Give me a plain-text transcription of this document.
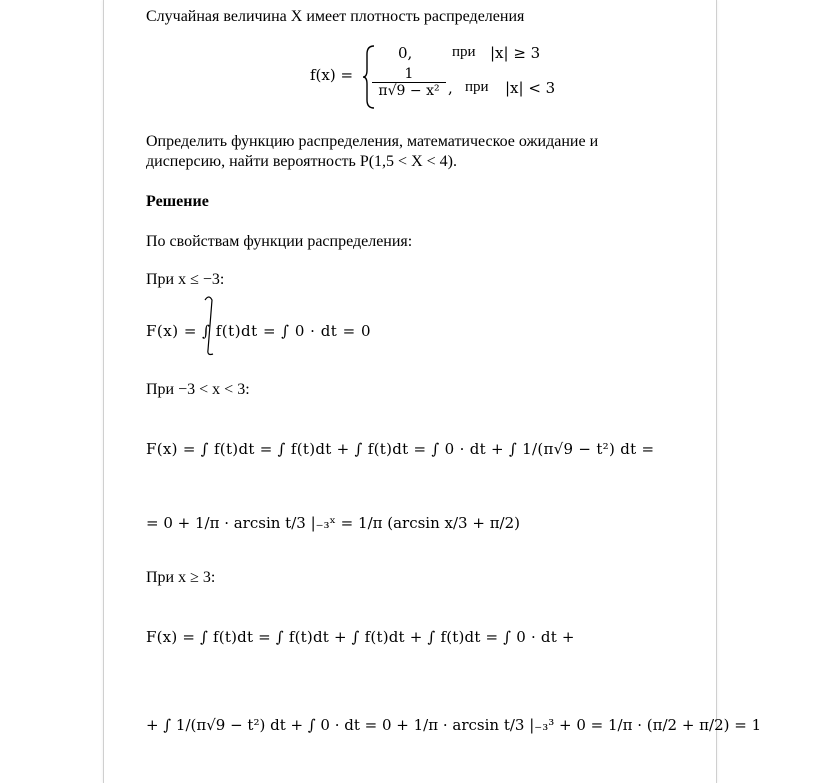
Случайная величина X имеет плотность распределения
f(x) =
0,	при |x| ≥ 3
$\frac{1}{\text{π√9 − x²}}$ , при |x| < 3
Определить функцию распределения, математическое ожидание и
дисперсию, найти вероятность P(1,5 < X < 4).
Решение
По свойствам функции распределения:
При x ≤ −3:
F(x) = ∫ f(t)dt = ∫ 0 · dt = 0
При −3 < x < 3:
F(x) = ∫ f(t)dt = ∫ f(t)dt + ∫ f(t)dt = ∫ 0 · dt + ∫ 1/(π√9 − t²) dt =
= 0 + 1/π · arcsin t/3 |₋₃ˣ = 1/π (arcsin x/3 + π/2)
При x ≥ 3:
F(x) = ∫ f(t)dt = ∫ f(t)dt + ∫ f(t)dt + ∫ f(t)dt = ∫ 0 · dt +
+ ∫ 1/(π√9 − t²) dt + ∫ 0 · dt = 0 + 1/π · arcsin t/3 |₋₃³ + 0 = 1/π · (π/2 + π/2) = 1
